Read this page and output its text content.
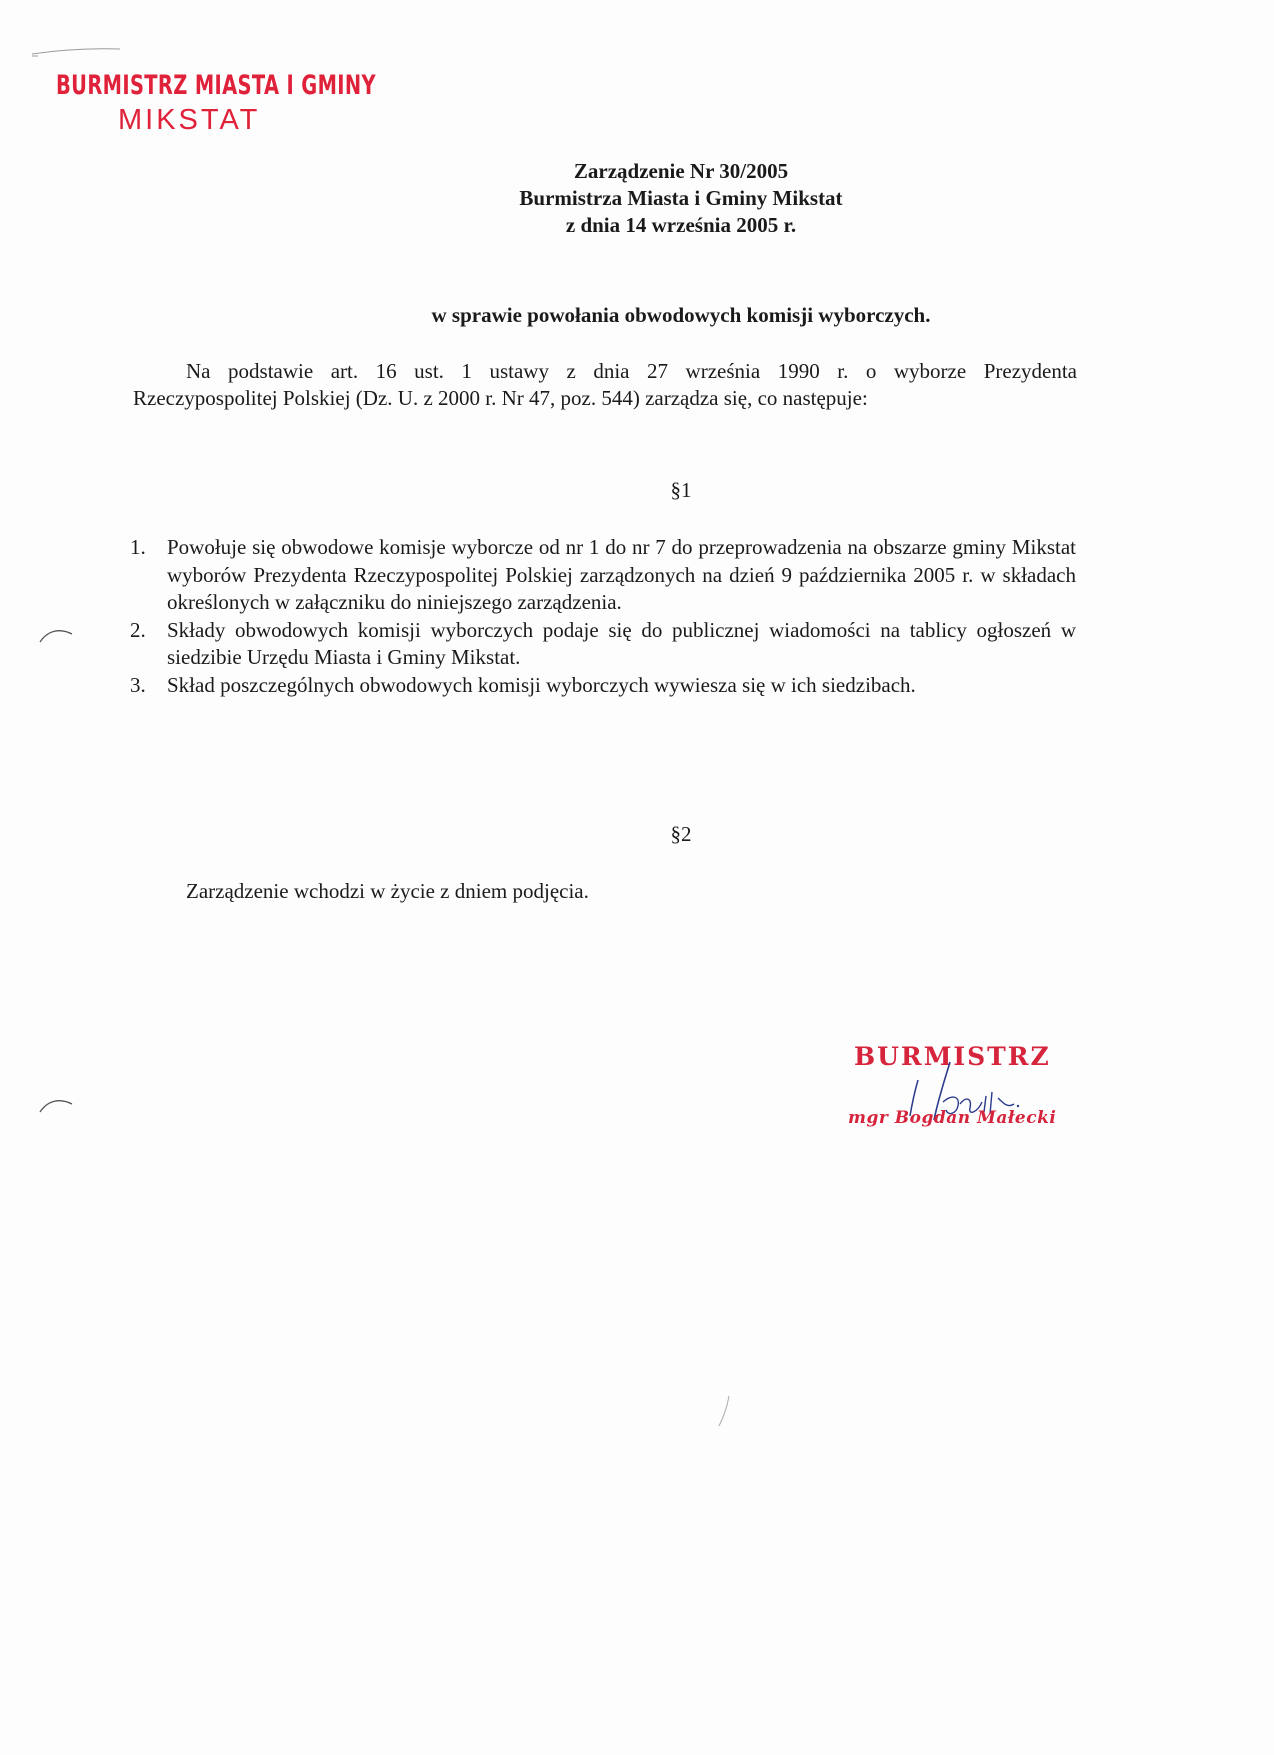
BURMISTRZ MIASTA I GMINY
MIKSTAT
Zarządzenie Nr 30/2005
Burmistrza Miasta i Gminy Mikstat
z dnia 14 września 2005 r.
w sprawie powołania obwodowych komisji wyborczych.
Na podstawie art. 16 ust. 1 ustawy z dnia 27 września 1990 r. o wyborze Prezydenta
Rzeczypospolitej Polskiej (Dz. U. z 2000 r. Nr 47, poz. 544) zarządza się, co następuje:
§1
1. Powołuje się obwodowe komisje wyborcze od nr 1 do nr 7 do przeprowadzenia na obszarze gminy Mikstat wyborów Prezydenta Rzeczypospolitej Polskiej zarządzonych na dzień 9 października 2005 r. w składach określonych w załączniku do niniejszego zarządzenia.
2. Składy obwodowych komisji wyborczych podaje się do publicznej wiadomości na tablicy ogłoszeń w siedzibie Urzędu Miasta i Gminy Mikstat.
3. Skład poszczególnych obwodowych komisji wyborczych wywiesza się w ich siedzibach.
§2
Zarządzenie wchodzi w życie z dniem podjęcia.
BURMISTRZ
mgr Bogdan Małecki
